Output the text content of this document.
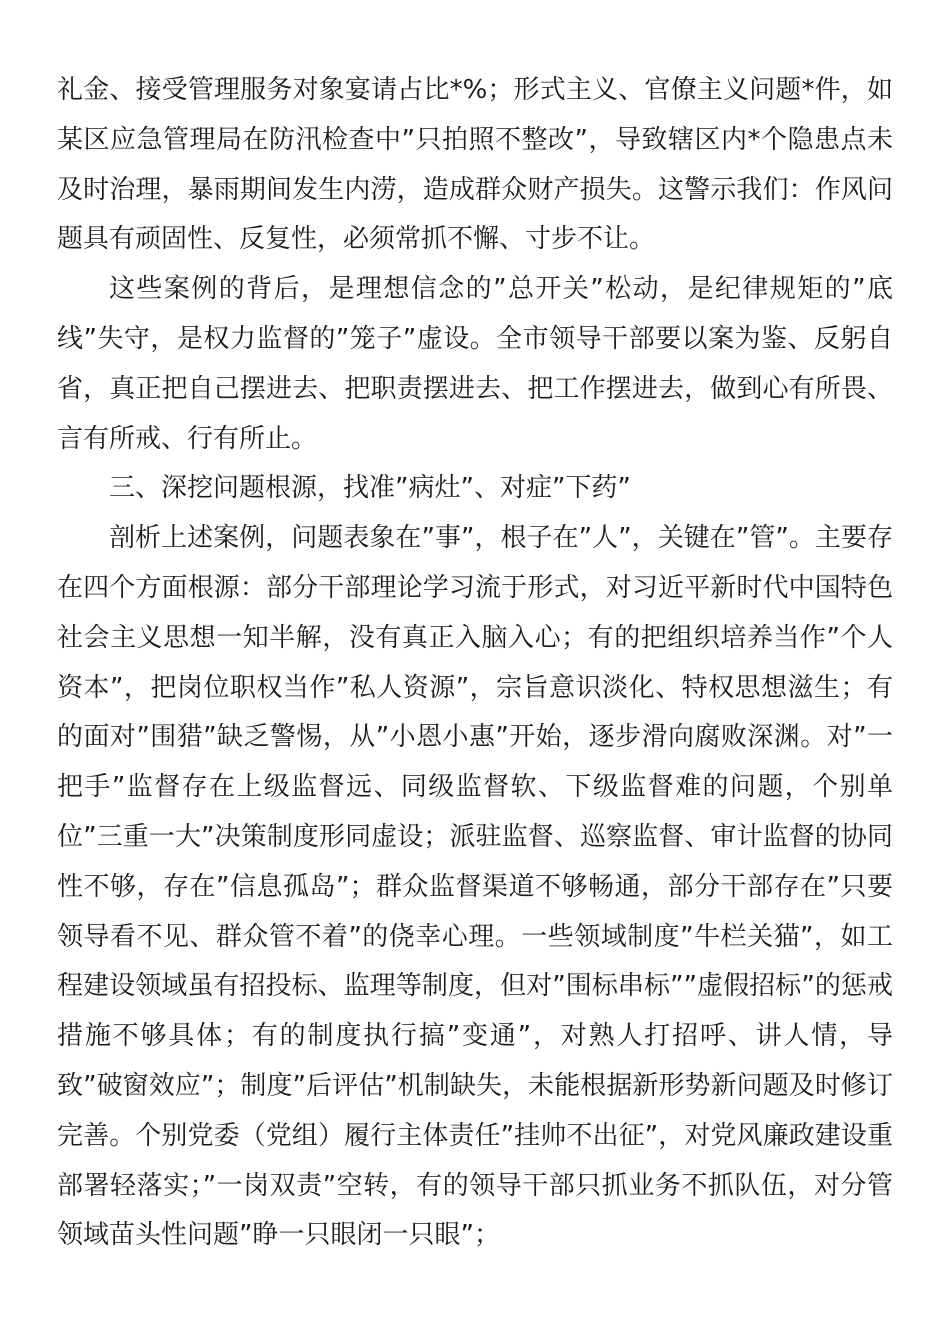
礼金、接受管理服务对象宴请占比*%；形式主义、官僚主义问题*件，如某区应急管理局在防汛检查中”只拍照不整改”，导致辖区内*个隐患点未及时治理，暴雨期间发生内涝，造成群众财产损失。这警示我们：作风问题具有顽固性、反复性，必须常抓不懈、寸步不让。

这些案例的背后，是理想信念的”总开关”松动，是纪律规矩的”底线”失守，是权力监督的”笼子”虚设。全市领导干部要以案为鉴、反躬自省，真正把自己摆进去、把职责摆进去、把工作摆进去，做到心有所畏、言有所戒、行有所止。

三、深挖问题根源，找准”病灶”、对症”下药”

剖析上述案例，问题表象在”事”，根子在”人”，关键在”管”。主要存在四个方面根源：部分干部理论学习流于形式，对习近平新时代中国特色社会主义思想一知半解，没有真正入脑入心；有的把组织培养当作”个人资本”，把岗位职权当作”私人资源”，宗旨意识淡化、特权思想滋生；有的面对”围猎”缺乏警惕，从”小恩小惠”开始，逐步滑向腐败深渊。对”一把手”监督存在上级监督远、同级监督软、下级监督难的问题，个别单位”三重一大”决策制度形同虚设；派驻监督、巡察监督、审计监督的协同性不够，存在”信息孤岛”；群众监督渠道不够畅通，部分干部存在”只要领导看不见、群众管不着”的侥幸心理。一些领域制度”牛栏关猫”，如工程建设领域虽有招投标、监理等制度，但对”围标串标””虚假招标”的惩戒措施不够具体；有的制度执行搞”变通”，对熟人打招呼、讲人情，导致”破窗效应”；制度”后评估”机制缺失，未能根据新形势新问题及时修订完善。个别党委（党组）履行主体责任”挂帅不出征”，对党风廉政建设重部署轻落实；”一岗双责”空转，有的领导干部只抓业务不抓队伍，对分管领域苗头性问题”睁一只眼闭一只眼”；
